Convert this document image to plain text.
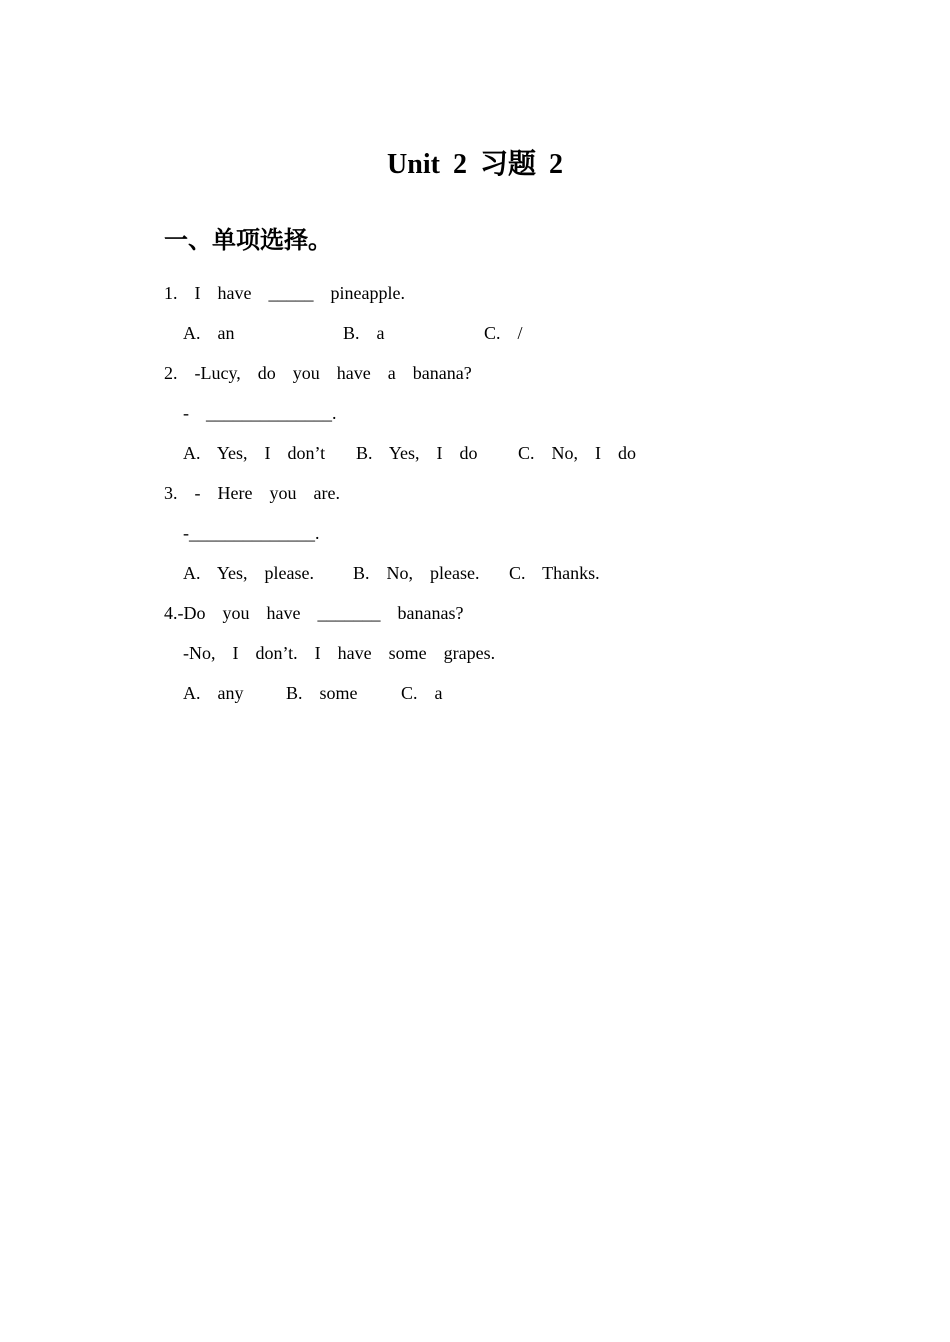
Unit 2 习题 2
一、单项选择。
1.  I  have  _____  pineapple.
A.  an	B.  a	C.  /
2.  -Lucy,  do  you  have  a  banana?
-  ______________.
A.  Yes,  I  don’t B.  Yes,  I  do C.  No,  I  do
3.  -  Here  you  are.
-______________.
A.  Yes,  please. B.  No,  please. C.  Thanks.
4.-Do  you  have  _______  bananas?
-No,  I  don’t.  I  have  some  grapes.
A.  any B.  some C.  a
